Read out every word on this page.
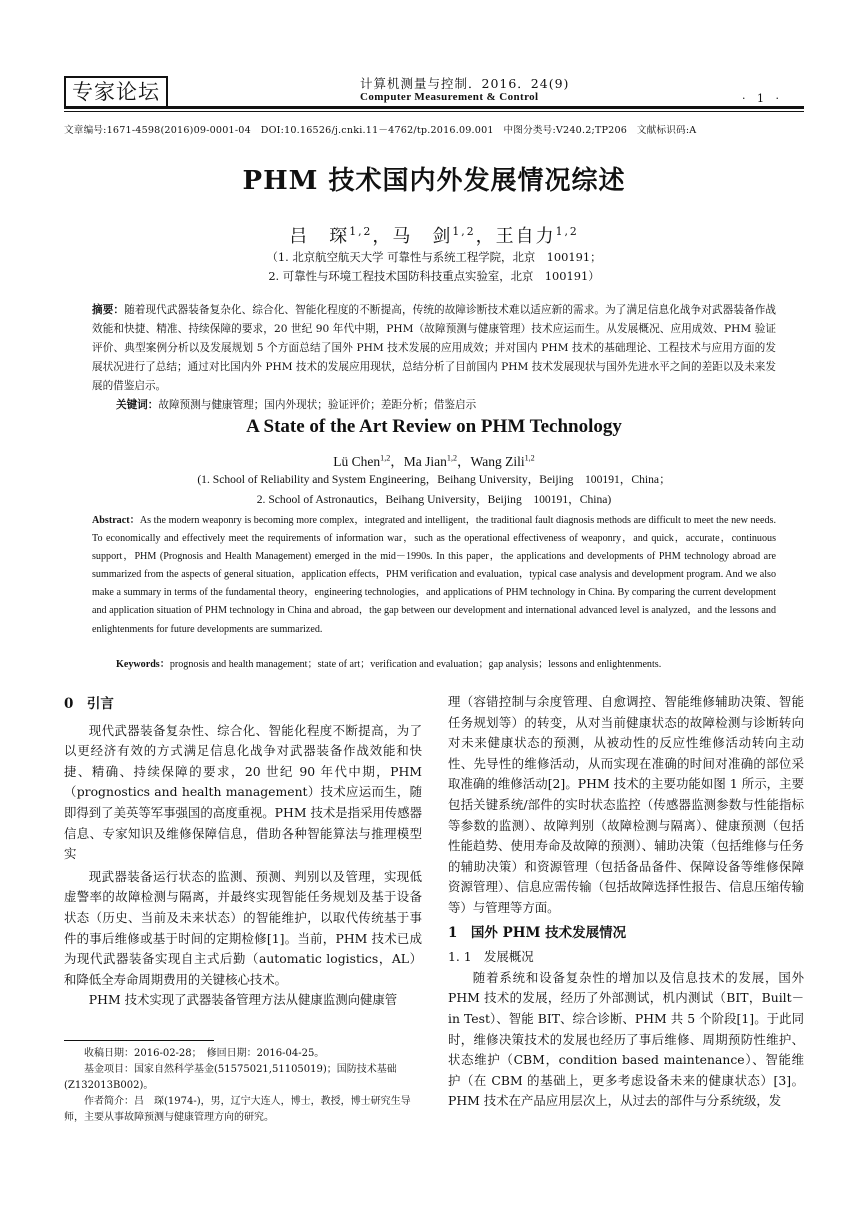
专家论坛	计算机测量与控制．2016．24(9)
Computer Measurement & Control	· 1 ·
文章编号:1671-4598(2016)09-0001-04　DOI:10.16526/j.cnki.11－4762/tp.2016.09.001　中图分类号:V240.2;TP206　文献标识码:A
PHM 技术国内外发展情况综述
吕　琛$^{1,2}$，马　剑$^{1,2}$，王自力$^{1,2}$
（1. 北京航空航天大学 可靠性与系统工程学院，北京　100191；
2. 可靠性与环境工程技术国防科技重点实验室，北京　100191）
摘要：随着现代武器装备复杂化、综合化、智能化程度的不断提高，传统的故障诊断技术难以适应新的需求。为了满足信息化战争对武器装备作战效能和快捷、精准、持续保障的要求，20 世纪 90 年代中期，PHM（故障预测与健康管理）技术应运而生。从发展概况、应用成效、PHM 验证评价、典型案例分析以及发展规划 5 个方面总结了国外 PHM 技术发展的应用成效；并对国内 PHM 技术的基础理论、工程技术与应用方面的发展状况进行了总结；通过对比国内外 PHM 技术的发展应用现状，总结分析了目前国内 PHM 技术发展现状与国外先进水平之间的差距以及未来发展的借鉴启示。
关键词：故障预测与健康管理；国内外现状；验证评价；差距分析；借鉴启示
A State of the Art Review on PHM Technology
Lü Chen$^{1,2}$，Ma Jian$^{1,2}$，Wang Zili$^{1,2}$
(1. School of Reliability and System Engineering，Beihang University，Beijing　100191，China；
2. School of Astronautics，Beihang University，Beijing　100191，China)
Abstract：As the modern weaponry is becoming more complex，integrated and intelligent，the traditional fault diagnosis methods are difficult to meet the new needs. To economically and effectively meet the requirements of information war，such as the operational effectiveness of weaponry，and quick，accurate，continuous support，PHM (Prognosis and Health Management) emerged in the mid－1990s. In this paper，the applications and developments of PHM technology abroad are summarized from the aspects of general situation，application effects，PHM verification and evaluation，typical case analysis and development program. And we also make a summary in terms of the fundamental theory，engineering technologies，and applications of PHM technology in China. By comparing the current development and application situation of PHM technology in China and abroad，the gap between our development and international advanced level is analyzed，and the lessons and enlightenments for future developments are summarized.
Keywords：prognosis and health management；state of art；verification and evaluation；gap analysis；lessons and enlightenments.
0　引言

现代武器装备复杂性、综合化、智能化程度不断提高，为了以更经济有效的方式满足信息化战争对武器装备作战效能和快捷、精确、持续保障的要求，20 世纪 90 年代中期，PHM（prognostics and health management）技术应运而生，随即得到了美英等军事强国的高度重视。PHM 技术是指采用传感器信息、专家知识及维修保障信息，借助各种智能算法与推理模型实

现武器装备运行状态的监测、预测、判别以及管理，实现低虚警率的故障检测与隔离，并最终实现智能任务规划及基于设备状态（历史、当前及未来状态）的智能维护，以取代传统基于事件的事后维修或基于时间的定期检修[1]。当前，PHM 技术已成为现代武器装备实现自主式后勤（automatic logistics，AL）和降低全寿命周期费用的关键核心技术。

PHM 技术实现了武器装备管理方法从健康监测向健康管

收稿日期：2016-02-28；　修回日期：2016-04-25。

基金项目：国家自然科学基金(51575021,51105019)；国防技术基础(Z132013B002)。

作者简介：吕　琛(1974-)，男，辽宁大连人，博士，教授，博士研究生导师，主要从事故障预测与健康管理方向的研究。

理（容错控制与余度管理、自愈调控、智能维修辅助决策、智能任务规划等）的转变，从对当前健康状态的故障检测与诊断转向对未来健康状态的预测，从被动性的反应性维修活动转向主动性、先导性的维修活动，从而实现在准确的时间对准确的部位采取准确的维修活动[2]。PHM 技术的主要功能如图 1 所示，主要包括关键系统/部件的实时状态监控（传感器监测参数与性能指标等参数的监测）、故障判别（故障检测与隔离）、健康预测（包括性能趋势、使用寿命及故障的预测）、辅助决策（包括维修与任务的辅助决策）和资源管理（包括备品备件、保障设备等维修保障资源管理）、信息应需传输（包括故障选择性报告、信息压缩传输等）与管理等方面。

1　国外 PHM 技术发展情况
1. 1　发展概况

随着系统和设备复杂性的增加以及信息技术的发展，国外 PHM 技术的发展，经历了外部测试，机内测试（BIT，Built－in Test）、智能 BIT、综合诊断、PHM 共 5 个阶段[1]。于此同时，维修决策技术的发展也经历了事后维修、周期预防性维护、状态维护（CBM，condition based maintenance）、智能维护（在 CBM 的基础上，更多考虑设备未来的健康状态）[3]。PHM 技术在产品应用层次上，从过去的部件与分系统级，发
